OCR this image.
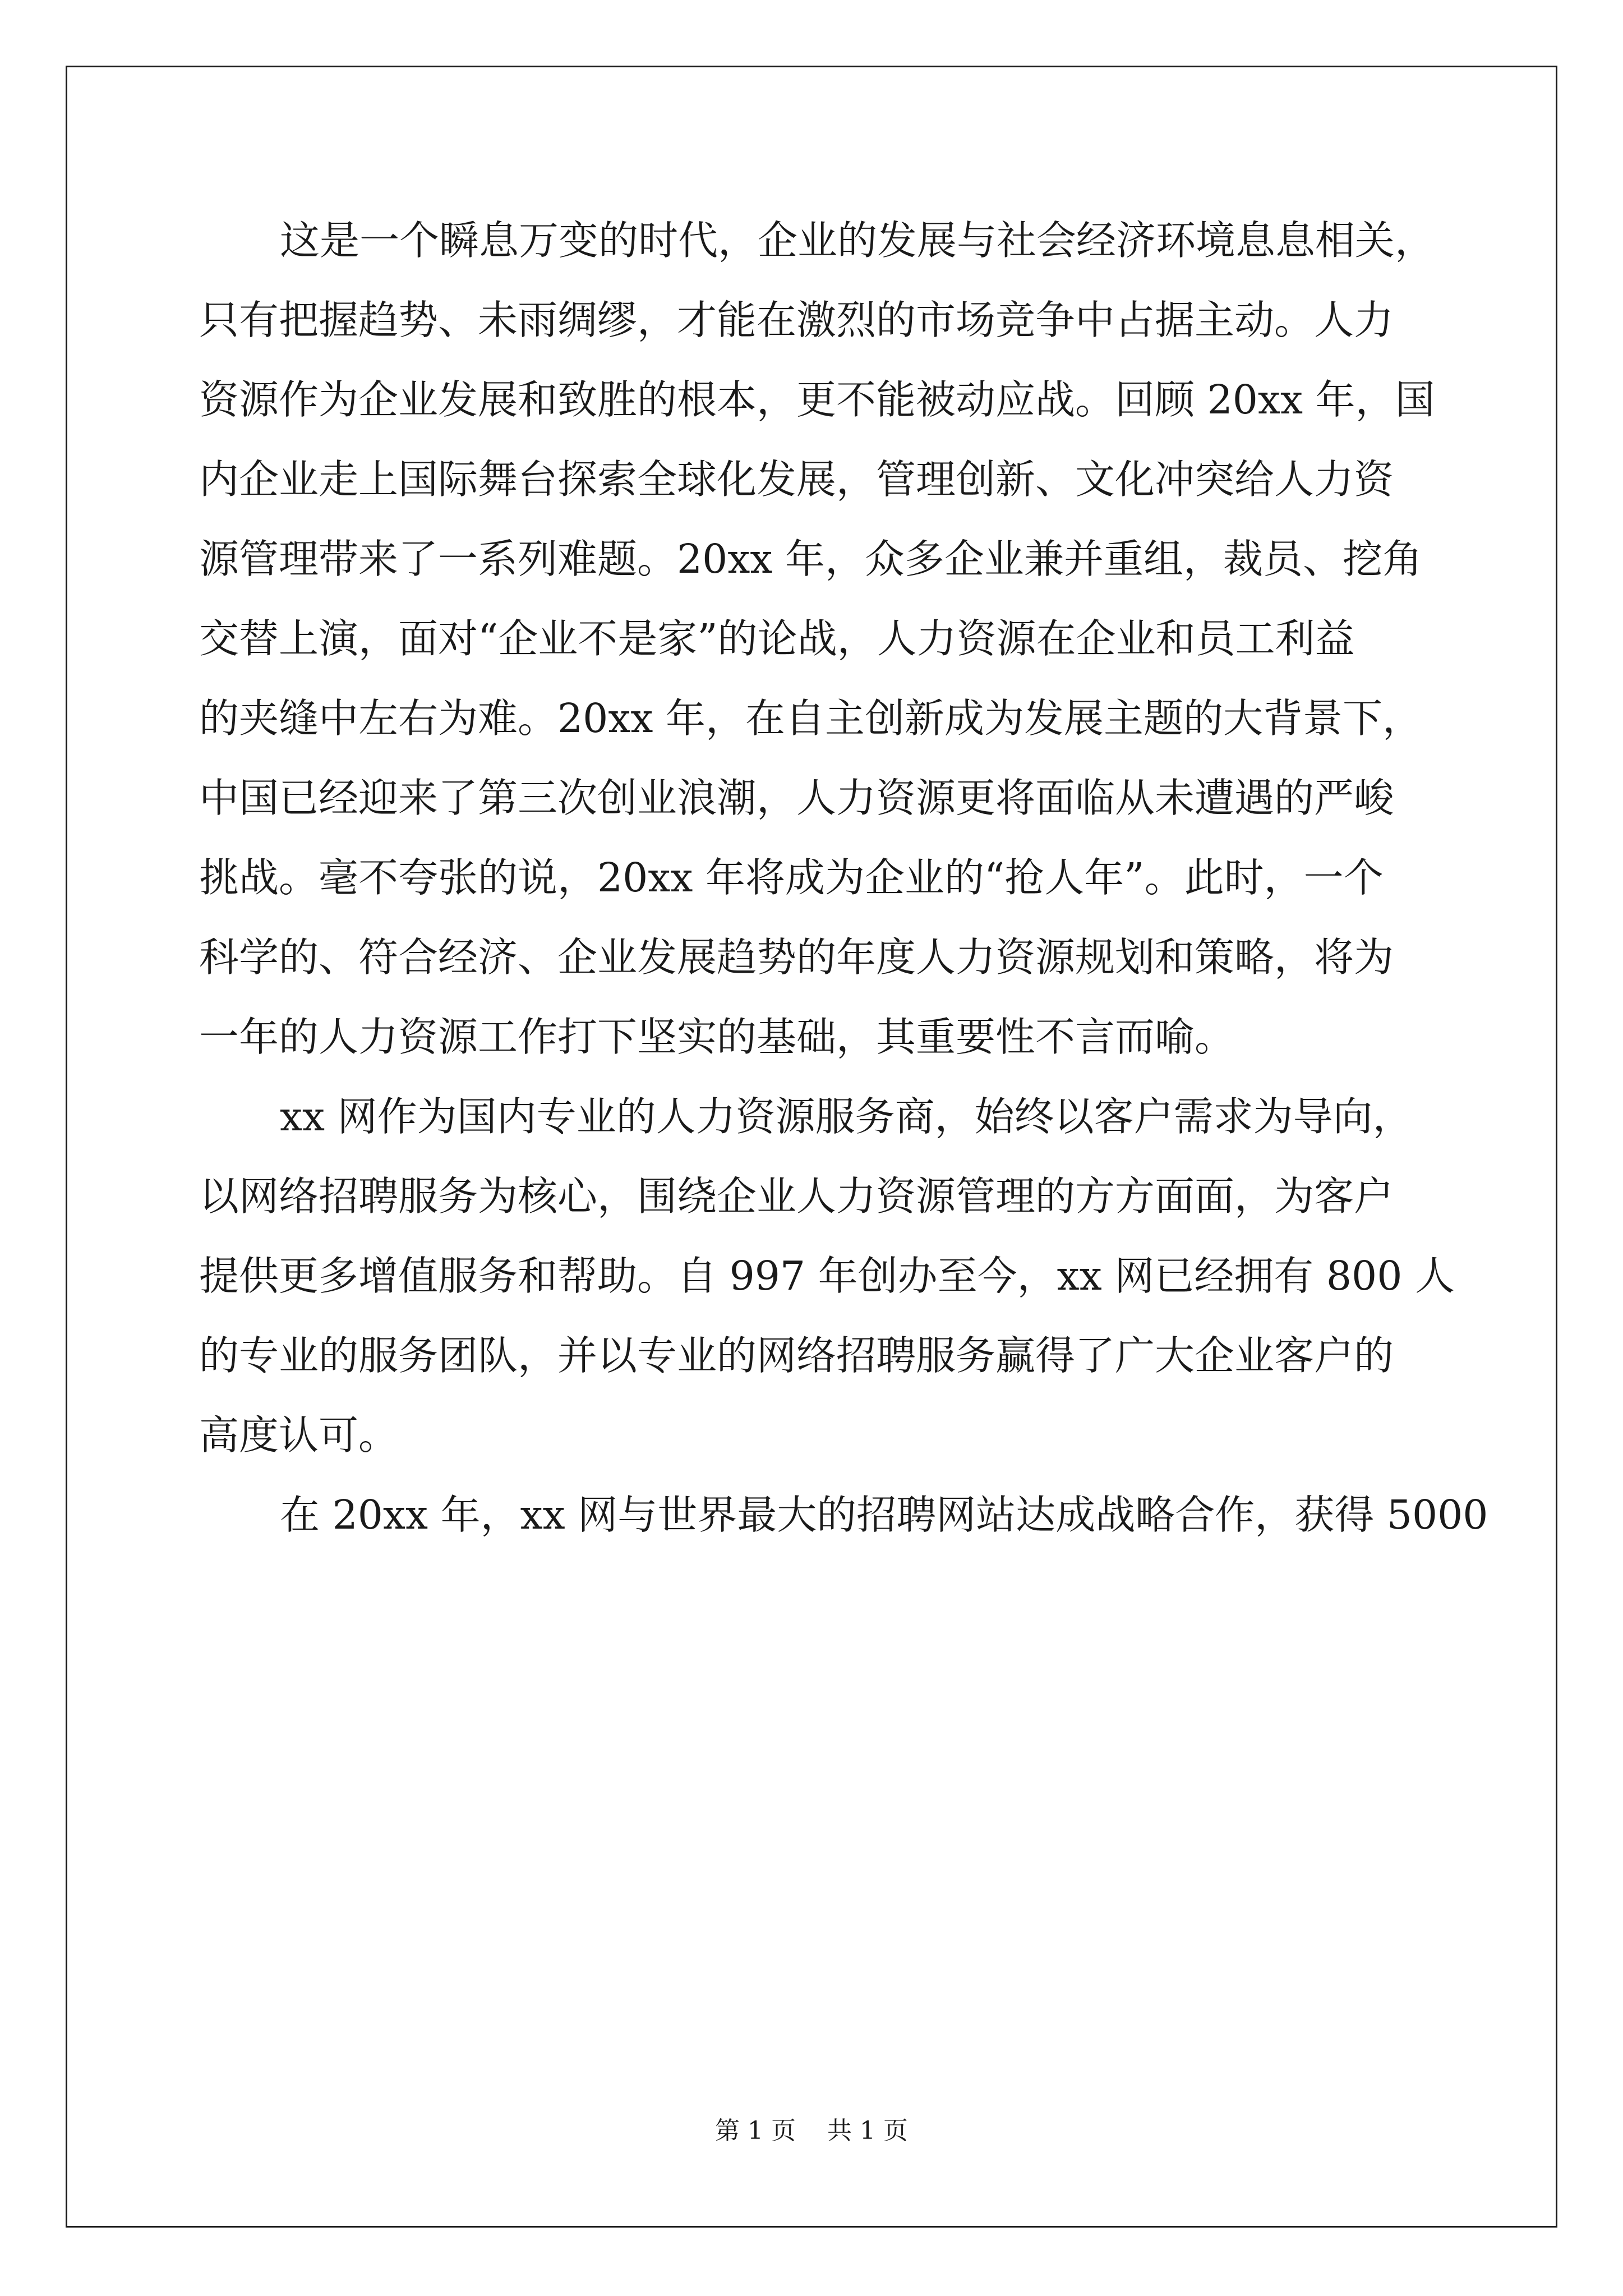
这是一个瞬息万变的时代，企业的发展与社会经济环境息息相关，
只有把握趋势、未雨绸缪，才能在激烈的市场竞争中占据主动。人力
资源作为企业发展和致胜的根本，更不能被动应战。回顾 20xx 年，国
内企业走上国际舞台探索全球化发展，管理创新、文化冲突给人力资
源管理带来了一系列难题。20xx 年，众多企业兼并重组，裁员、挖角
交替上演，面对“企业不是家”的论战，人力资源在企业和员工利益
的夹缝中左右为难。20xx 年，在自主创新成为发展主题的大背景下，
中国已经迎来了第三次创业浪潮，人力资源更将面临从未遭遇的严峻
挑战。毫不夸张的说，20xx 年将成为企业的“抢人年”。此时，一个
科学的、符合经济、企业发展趋势的年度人力资源规划和策略，将为
一年的人力资源工作打下坚实的基础，其重要性不言而喻。
xx 网作为国内专业的人力资源服务商，始终以客户需求为导向，
以网络招聘服务为核心，围绕企业人力资源管理的方方面面，为客户
提供更多增值服务和帮助。自 997 年创办至今，xx 网已经拥有 800 人
的专业的服务团队，并以专业的网络招聘服务赢得了广大企业客户的
高度认可。
在 20xx 年，xx 网与世界最大的招聘网站达成战略合作，获得 5000
第 1 页    共 1 页
